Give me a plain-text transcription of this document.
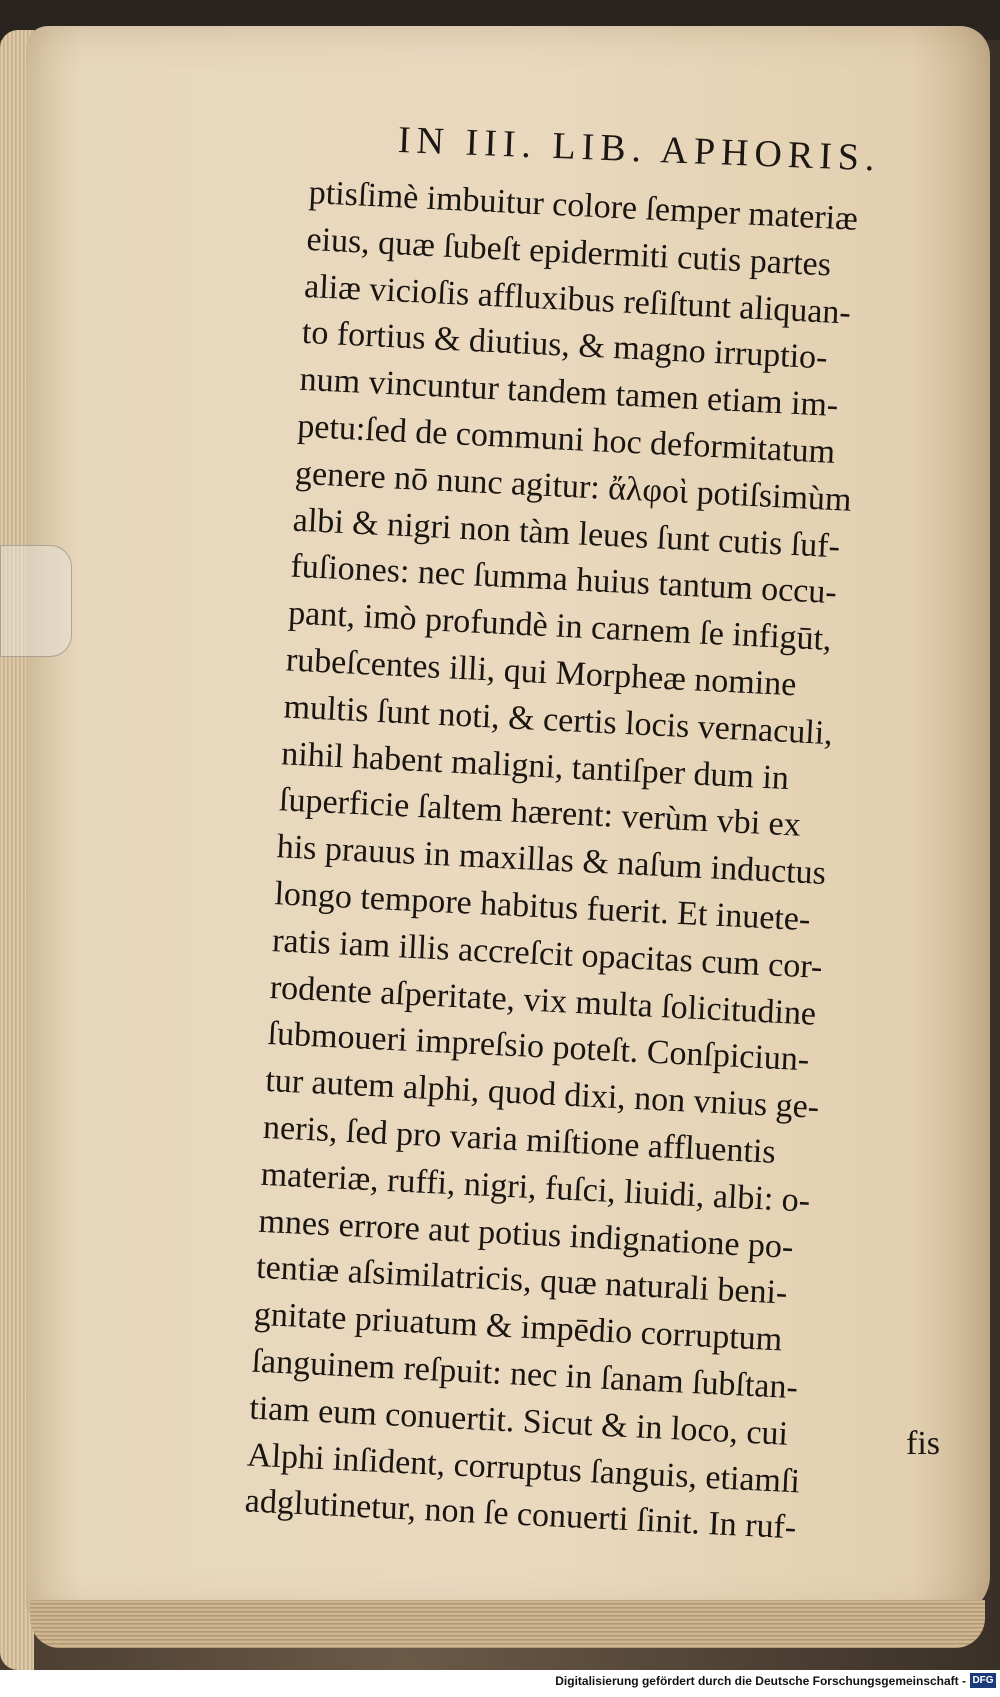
IN III. LIB. APHORIS.
ptisſimè imbuitur colore ſemper materiæ
eius, quæ ſubeſt epidermiti cutis partes
aliæ vicioſis affluxibus reſiſtunt aliquan-
to fortius & diutius, & magno irruptio-
num vincuntur tandem tamen etiam im-
petu:ſed de communi hoc deformitatum
genere nō nunc agitur: ἄλφοὶ potiſsimùm
albi & nigri non tàm leues ſunt cutis ſuf-
fuſiones: nec ſumma huius tantum occu-
pant, imò profundè in carnem ſe infigūt,
rubeſcentes illi, qui Morpheæ nomine
multis ſunt noti, & certis locis vernaculi,
nihil habent maligni, tantiſper dum in
ſuperficie ſaltem hærent: verùm vbi ex
his prauus in maxillas & naſum inductus
longo tempore habitus fuerit. Et inuete-
ratis iam illis accreſcit opacitas cum cor-
rodente aſperitate, vix multa ſolicitudine
ſubmoueri impreſsio poteſt. Conſpiciun-
tur autem alphi, quod dixi, non vnius ge-
neris, ſed pro varia miſtione affluentis
materiæ, ruffi, nigri, fuſci, liuidi, albi: o-
mnes errore aut potius indignatione po-
tentiæ aſsimilatricis, quæ naturali beni-
gnitate priuatum & impēdio corruptum
ſanguinem reſpuit: nec in ſanam ſubſtan-
tiam eum conuertit. Sicut & in loco, cui
Alphi inſident, corruptus ſanguis, etiamſi
adglutinetur, non ſe conuerti ſinit. In ruf-
fis
Digitalisierung gefördert durch die Deutsche Forschungsgemeinschaft - DFG
